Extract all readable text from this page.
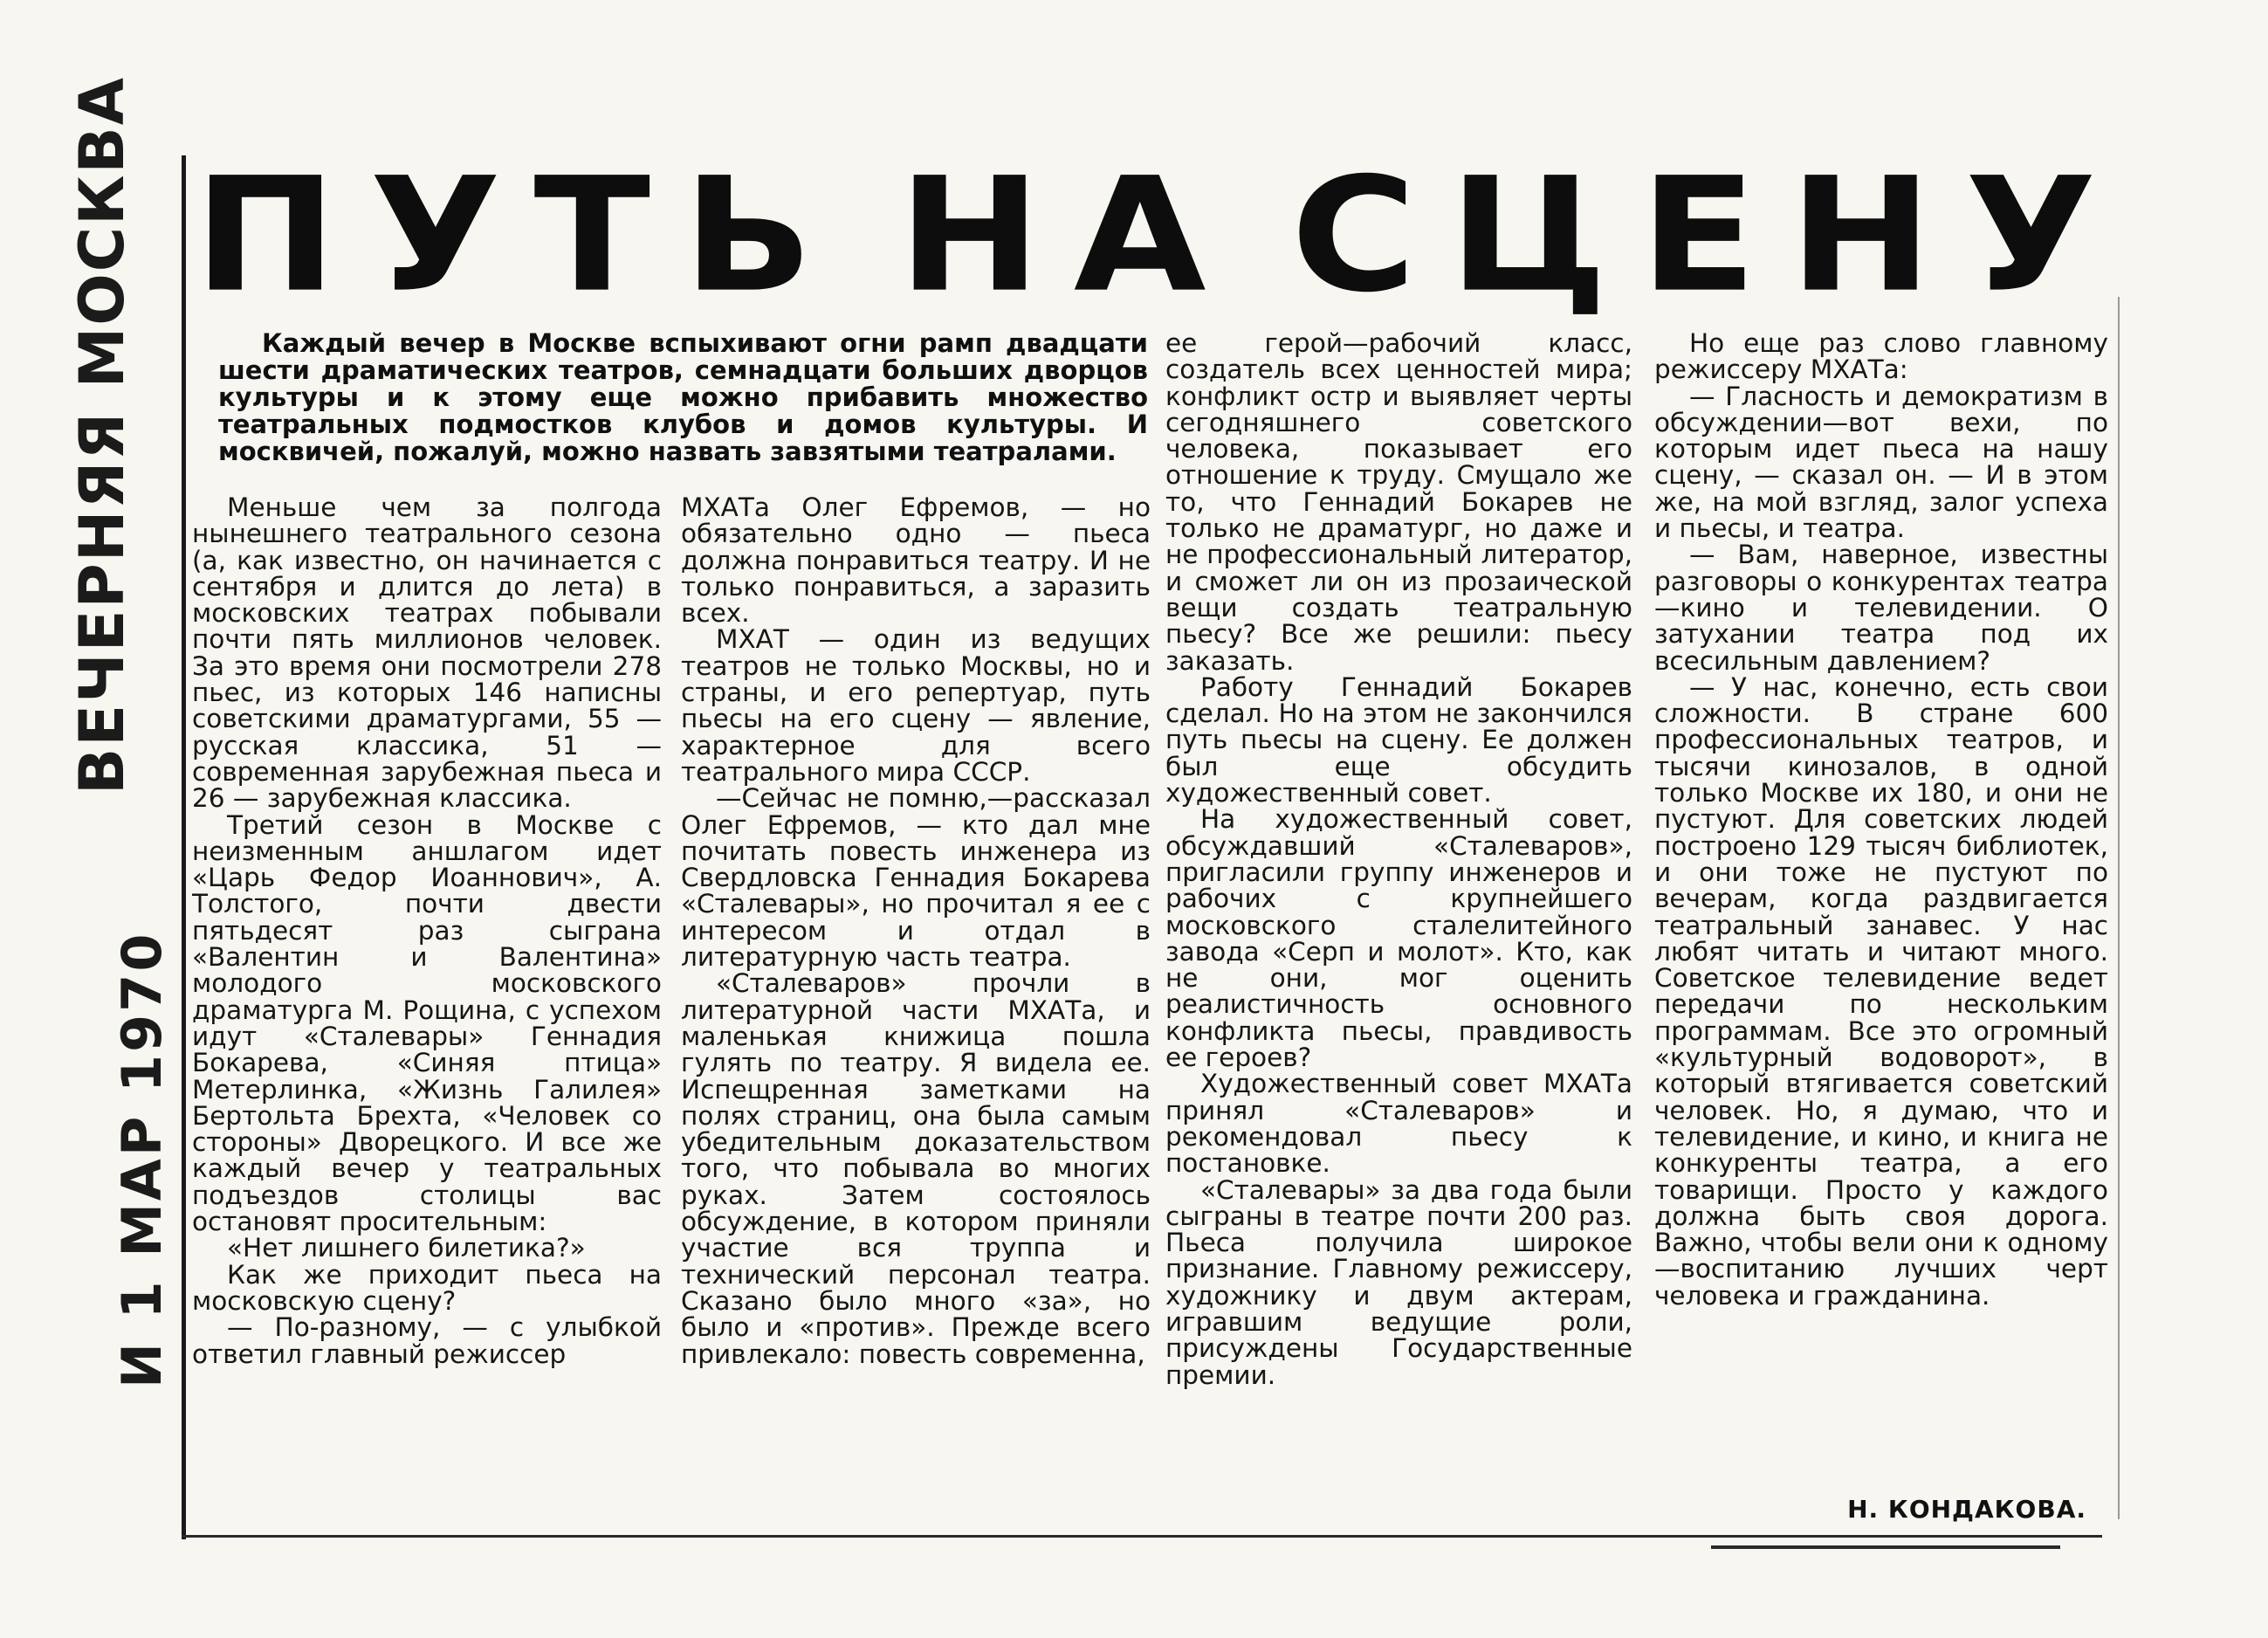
ВЕЧЕРНЯЯ МОСКВА
И 1 МАР 1970
П У Т Ь Н А С Ц Е Н У

Каждый вечер в Москве вспыхивают огни рамп двадцати шести драматических театров, семнадцати больших дворцов культуры и к этому еще можно прибавить множество театральных подмостков клубов и домов культуры. И москвичей, пожалуй, можно назвать завзятыми театралами.

Меньше чем за полгода нынешнего театрального сезона (а, как известно, он начинается с сентября и длится до лета) в московских театрах побывали почти пять миллионов человек. За это время они посмотрели 278 пьес, из которых 146 написны советскими драматургами, 55 — русская классика, 51 — современная зарубежная пьеса и 26 — зарубежная классика.

Третий сезон в Москве с неизменным аншлагом идет «Царь Федор Иоаннович», А. Толстого, почти двести пятьдесят раз сыграна «Валентин и Валентина» молодого московского драматурга М. Рощина, с успехом идут «Сталевары» Геннадия Бокарева, «Синяя птица» Метерлинка, «Жизнь Галилея» Бертольта Брехта, «Человек со стороны» Дворецкого. И все же каждый вечер у театральных подъездов столицы вас остановят просительным:

«Нет лишнего билетика?»

Как же приходит пьеса на московскую сцену?

— По-разному, — с улыбкой ответил главный режиссер

МХАТа Олег Ефремов, — но обязательно одно — пьеса должна понравиться театру. И не только понравиться, а заразить всех.

МХАТ — один из ведущих театров не только Москвы, но и страны, и его репертуар, путь пьесы на его сцену — явление, характерное для всего театрального мира СССР.

—Сейчас не помню,—рассказал Олег Ефремов, — кто дал мне почитать повесть инженера из Свердловска Геннадия Бокарева «Сталевары», но прочитал я ее с интересом и отдал в литературную часть театра.

«Сталеваров» прочли в литературной части МХАТа, и маленькая книжица пошла гулять по театру. Я видела ее. Испещренная заметками на полях страниц, она была самым убедительным доказательством того, что побывала во многих руках. Затем состоялось обсуждение, в котором приняли участие вся труппа и технический персонал театра. Сказано было много «за», но было и «против». Прежде всего привлекало: повесть современна,

ее герой—рабочий класс, создатель всех ценностей мира; конфликт остр и выявляет черты сегодняшнего советского человека, показывает его отношение к труду. Смущало же то, что Геннадий Бокарев не только не драматург, но даже и не профессиональный литератор, и сможет ли он из прозаической вещи создать театральную пьесу? Все же решили: пьесу заказать.

Работу Геннадий Бокарев сделал. Но на этом не закончился путь пьесы на сцену. Ее должен был еще обсудить художественный совет.

На художественный совет, обсуждавший «Сталеваров», пригласили группу инженеров и рабочих с крупнейшего московского сталелитейного завода «Серп и молот». Кто, как не они, мог оценить реалистичность основного конфликта пьесы, правдивость ее героев?

Художественный совет МХАТа принял «Сталеваров» и рекомендовал пьесу к постановке.

«Сталевары» за два года были сыграны в театре почти 200 раз. Пьеса получила широкое признание. Главному режиссеру, художнику и двум актерам, игравшим ведущие роли, присуждены Государственные премии.

Но еще раз слово главному режиссеру МХАТа:

— Гласность и демократизм в обсуждении—вот вехи, по которым идет пьеса на нашу сцену, — сказал он. — И в этом же, на мой взгляд, залог успеха и пьесы, и театра.

— Вам, наверное, известны разговоры о конкурентах театра—кино и телевидении. О затухании театра под их всесильным давлением?

— У нас, конечно, есть свои сложности. В стране 600 профессиональных театров, и тысячи кинозалов, в одной только Москве их 180, и они не пустуют. Для советских людей построено 129 тысяч библиотек, и они тоже не пустуют по вечерам, когда раздвигается театральный занавес. У нас любят читать и читают много. Советское телевидение ведет передачи по нескольким программам. Все это огромный «культурный водоворот», в который втягивается советский человек. Но, я думаю, что и телевидение, и кино, и книга не конкуренты театра, а его товарищи. Просто у каждого должна быть своя дорога. Важно, чтобы вели они к одному—воспитанию лучших черт человека и гражданина.

Н. КОНДАКОВА.
